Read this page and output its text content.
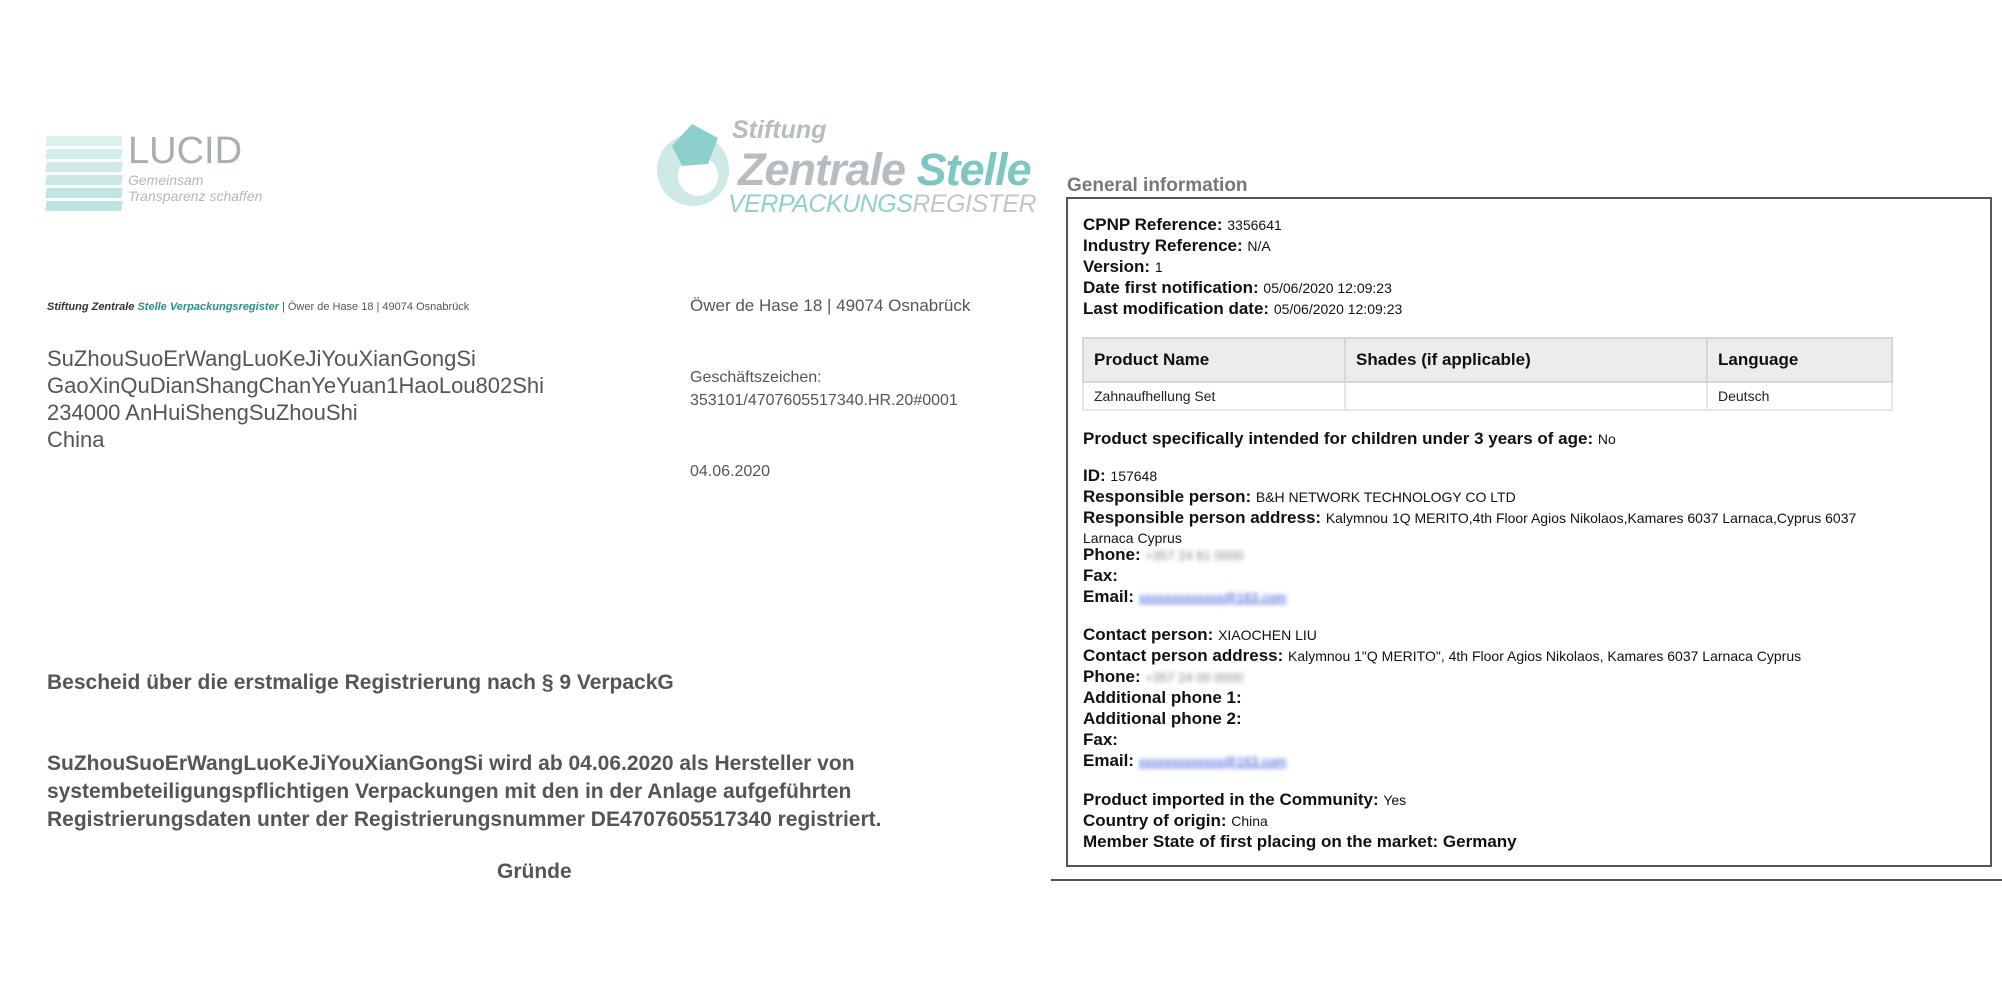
LUCID
Gemeinsam
Transparenz schaffen
Stiftung
Zentrale Stelle
VERPACKUNGSREGISTER
Stiftung Zentrale Stelle Verpackungsregister | Öwer de Hase 18 | 49074 Osnabrück
SuZhouSuoErWangLuoKeJiYouXianGongSi
GaoXinQuDianShangChanYeYuan1HaoLou802Shi
234000 AnHuiShengSuZhouShi
China
Öwer de Hase 18 | 49074 Osnabrück
Geschäftszeichen:
353101/4707605517340.HR.20#0001
04.06.2020
Bescheid über die erstmalige Registrierung nach § 9 VerpackG
SuZhouSuoErWangLuoKeJiYouXianGongSi wird ab 04.06.2020 als Hersteller von
systembeteiligungspflichtigen Verpackungen mit den in der Anlage aufgeführten
Registrierungsdaten unter der Registrierungsnummer DE4707605517340 registriert.
Gründe
General information
CPNP Reference: 3356641
Industry Reference: N/A
Version: 1
Date first notification: 05/06/2020 12:09:23
Last modification date: 05/06/2020 12:09:23
Product Name	Shades (if applicable)	Language
Zahnaufhellung Set		Deutsch
Product specifically intended for children under 3 years of age: No
ID: 157648
Responsible person: B&H NETWORK TECHNOLOGY CO LTD
Responsible person address: Kalymnou 1Q MERITO,4th Floor Agios Nikolaos,Kamares 6037 Larnaca,Cyprus 6037
Larnaca Cyprus
Phone: +357 24 81 0000
Fax:
Email: xxxxxxxxxxxxx@163.com
Contact person: XIAOCHEN LIU
Contact person address: Kalymnou 1"Q MERITO", 4th Floor Agios Nikolaos, Kamares 6037 Larnaca Cyprus
Phone: +357 24 00 0000
Additional phone 1:
Additional phone 2:
Fax:
Email: xxxxxxxxxxxxx@163.com
Product imported in the Community: Yes
Country of origin: China
Member State of first placing on the market: Germany
